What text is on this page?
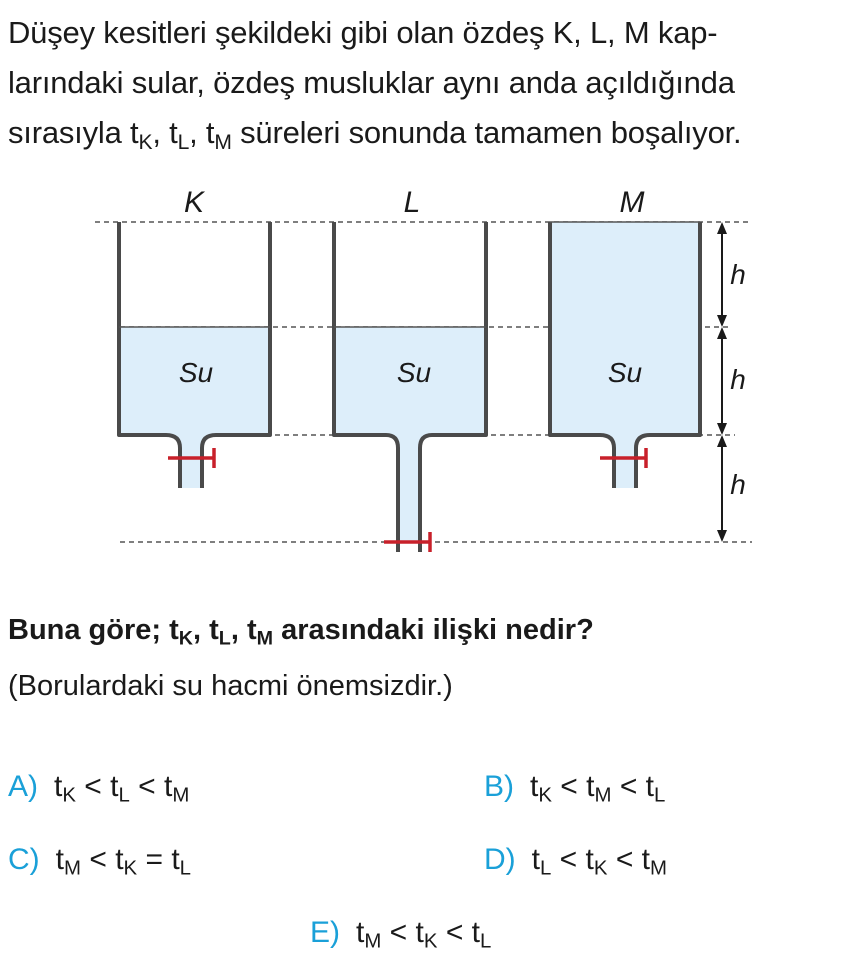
Düşey kesitleri şekildeki gibi olan özdeş K, L, M kap-
larındaki sular, özdeş musluklar aynı anda açıldığında
sırasıyla $t_K$, $t_L$, $t_M$ süreleri sonunda tamamen boşalıyor.
K
Su
L
Su
M
Su
h
h
h
Buna göre; $t_K$, $t_L$, $t_M$ arasındaki ilişki nedir?
(Borulardaki su hacmi önemsizdir.)
A) $t_K < t_L < t_M$	B) $t_K < t_M < t_L$
C) $t_M < t_K = t_L$	D) $t_L < t_K < t_M$
E) $t_M < t_K < t_L$
